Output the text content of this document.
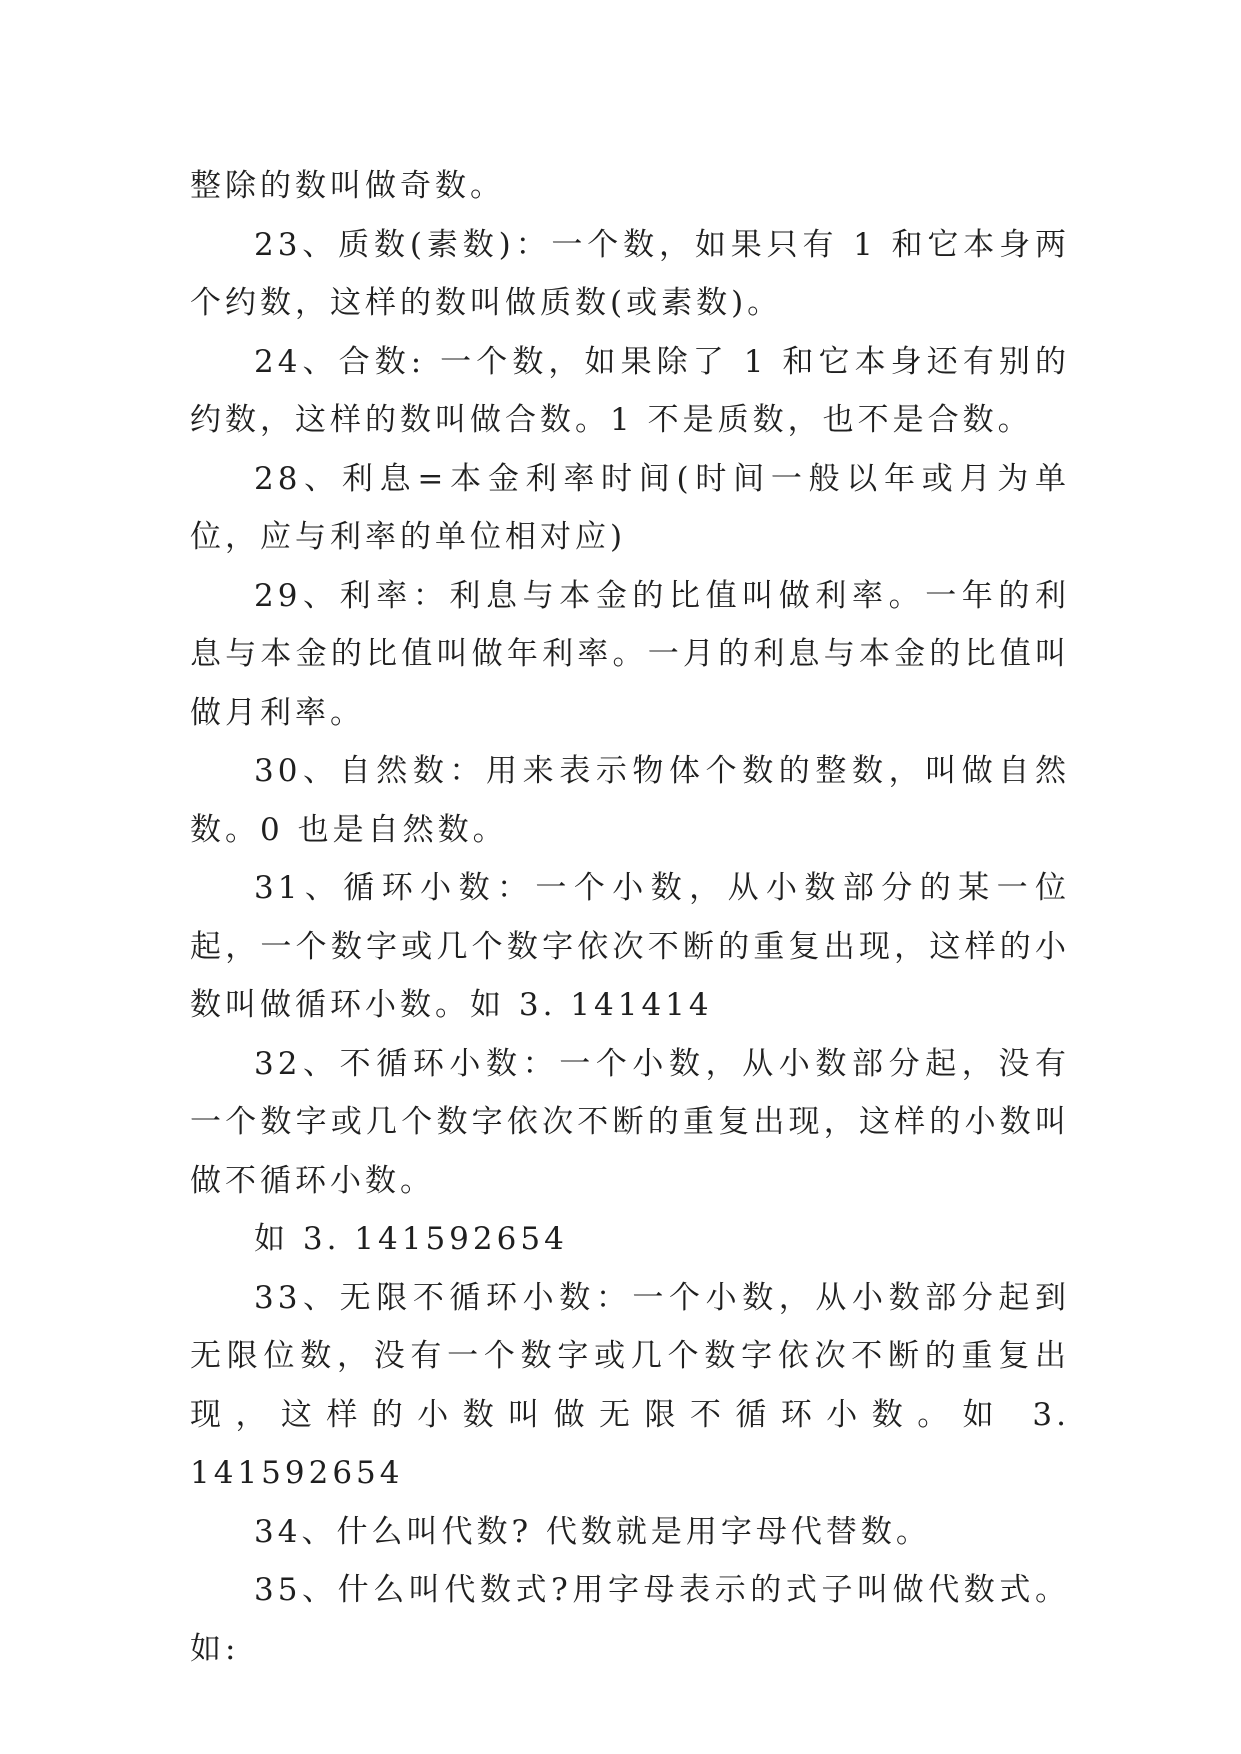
整除的数叫做奇数。

23、质数(素数)：一个数，如果只有 1 和它本身两个约数，这样的数叫做质数(或素数)。

24、合数: 一个数，如果除了 1 和它本身还有别的约数，这样的数叫做合数。1 不是质数，也不是合数。

28、利息=本金利率时间(时间一般以年或月为单位，应与利率的单位相对应)

29、利率：利息与本金的比值叫做利率。一年的利息与本金的比值叫做年利率。一月的利息与本金的比值叫做月利率。

30、自然数：用来表示物体个数的整数，叫做自然数。0 也是自然数。

31、循环小数：一个小数，从小数部分的某一位起，一个数字或几个数字依次不断的重复出现，这样的小数叫做循环小数。如 3. 141414

32、不循环小数：一个小数，从小数部分起，没有一个数字或几个数字依次不断的重复出现，这样的小数叫做不循环小数。

如 3. 141592654

33、无限不循环小数：一个小数，从小数部分起到无限位数，没有一个数字或几个数字依次不断的重复出现，这样的小数叫做无限不循环小数。如 3. 141592654

34、什么叫代数? 代数就是用字母代替数。

35、什么叫代数式?用字母表示的式子叫做代数式。如:
